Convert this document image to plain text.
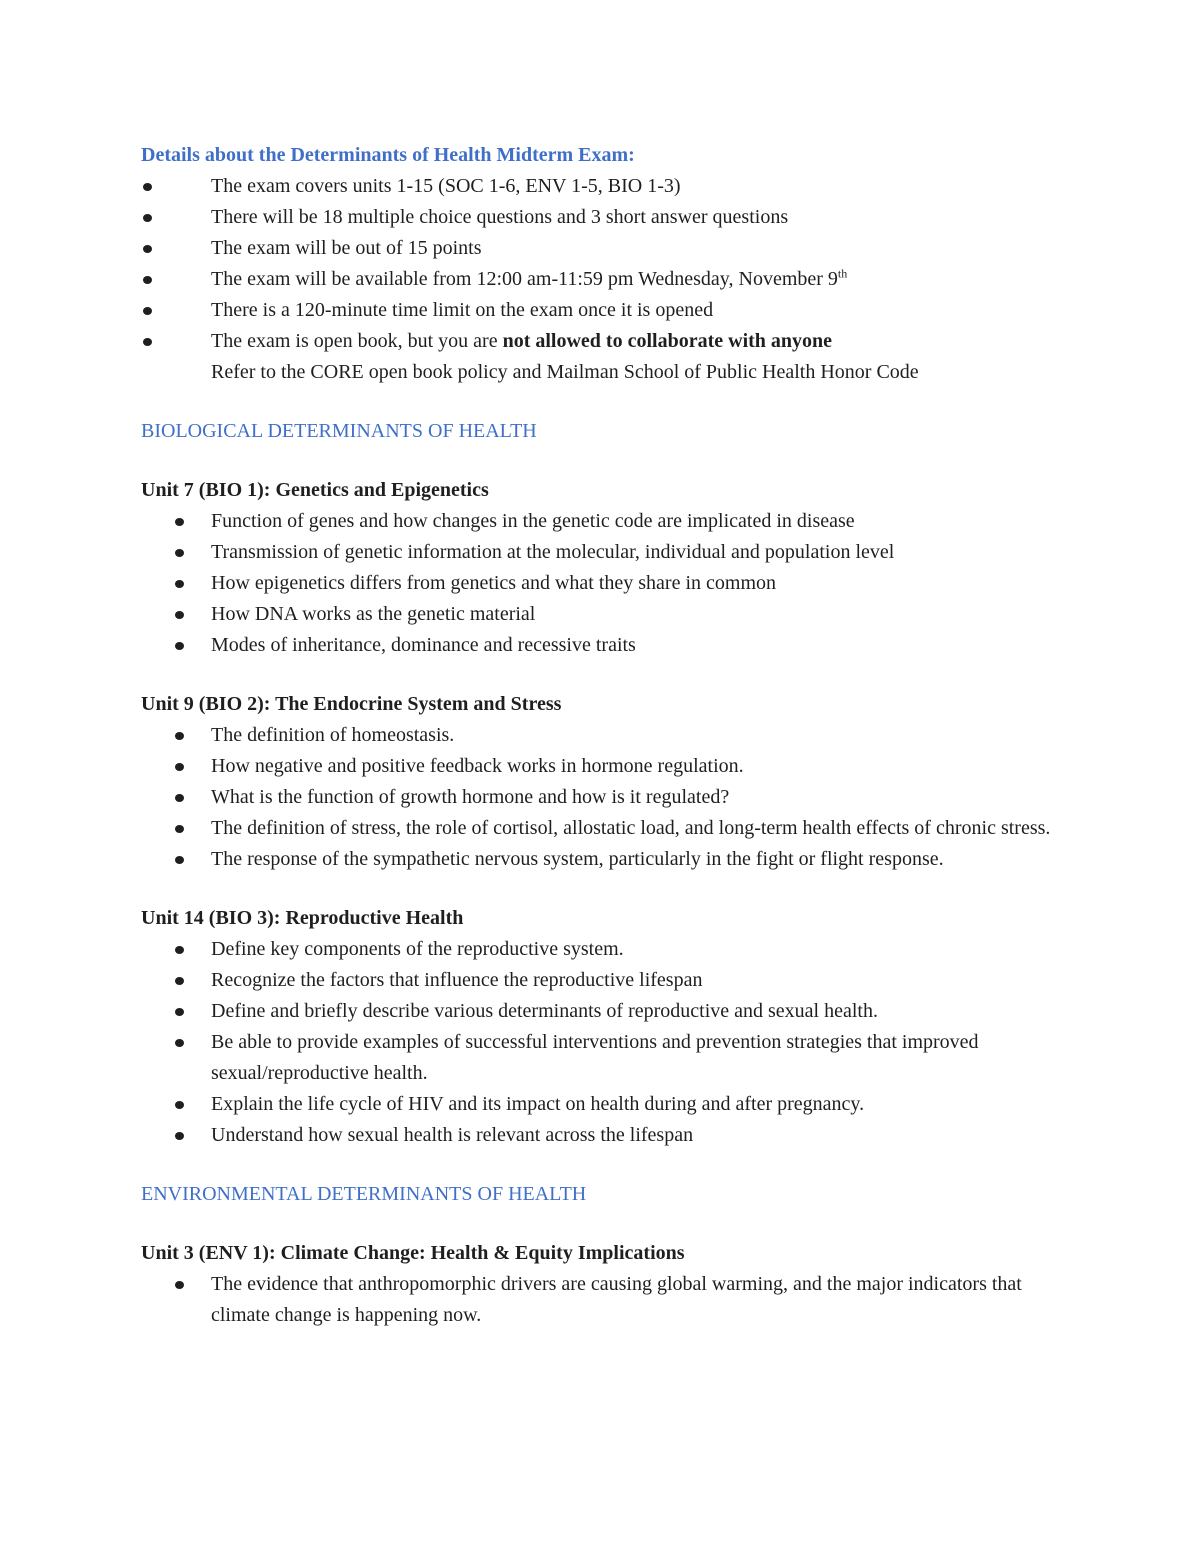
Details about the Determinants of Health Midterm Exam:

The exam covers units 1-15 (SOC 1-6, ENV 1-5, BIO 1-3)
There will be 18 multiple choice questions and 3 short answer questions
The exam will be out of 15 points
The exam will be available from 12:00 am-11:59 pm Wednesday, November 9th
There is a 120-minute time limit on the exam once it is opened
The exam is open book, but you are not allowed to collaborate with anyone

Refer to the CORE open book policy and Mailman School of Public Health Honor Code

BIOLOGICAL DETERMINANTS OF HEALTH

Unit 7 (BIO 1): Genetics and Epigenetics

Function of genes and how changes in the genetic code are implicated in disease
Transmission of genetic information at the molecular, individual and population level
How epigenetics differs from genetics and what they share in common
How DNA works as the genetic material
Modes of inheritance, dominance and recessive traits

Unit 9 (BIO 2): The Endocrine System and Stress

The definition of homeostasis.
How negative and positive feedback works in hormone regulation.
What is the function of growth hormone and how is it regulated?
The definition of stress, the role of cortisol, allostatic load, and long-term health effects of chronic stress.
The response of the sympathetic nervous system, particularly in the fight or flight response.

Unit 14 (BIO 3): Reproductive Health

Define key components of the reproductive system.
Recognize the factors that influence the reproductive lifespan
Define and briefly describe various determinants of reproductive and sexual health.
Be able to provide examples of successful interventions and prevention strategies that improved sexual/reproductive health.
Explain the life cycle of HIV and its impact on health during and after pregnancy.
Understand how sexual health is relevant across the lifespan

ENVIRONMENTAL DETERMINANTS OF HEALTH

Unit 3 (ENV 1): Climate Change: Health & Equity Implications

The evidence that anthropomorphic drivers are causing global warming, and the major indicators that climate change is happening now.
